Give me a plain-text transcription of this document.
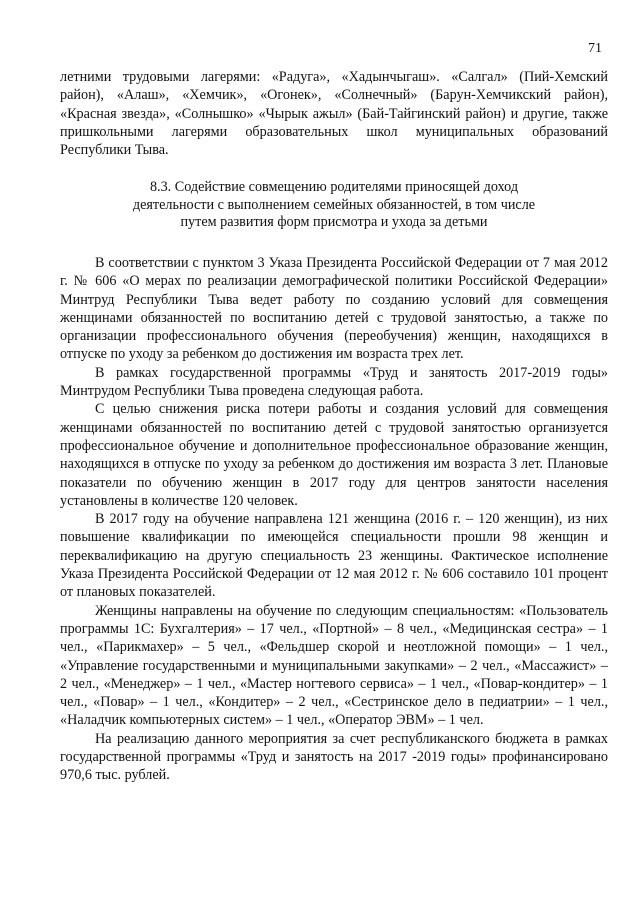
71

летними трудовыми лагерями: «Радуга», «Хадынчыгаш». «Салгал» (Пий-Хемский район), «Алаш», «Хемчик», «Огонек», «Солнечный» (Барун-Хемчикский район), «Красная звезда», «Солнышко» «Чырык ажыл» (Бай-Тайгинский район) и другие, также пришкольными лагерями образовательных школ муниципальных образований Республики Тыва.

8.3. Содействие совмещению родителями приносящей доход
деятельности с выполнением семейных обязанностей, в том числе
путем развития форм присмотра и ухода за детьми

В соответствии с пунктом 3 Указа Президента Российской Федерации от 7 мая 2012 г. № 606 «О мерах по реализации демографической политики Российской Федерации» Минтруд Республики Тыва ведет работу по созданию условий для совмещения женщинами обязанностей по воспитанию детей с трудовой занятостью, а также по организации профессионального обучения (переобучения) женщин, находящихся в отпуске по уходу за ребенком до достижения им возраста трех лет.

В рамках государственной программы «Труд и занятость 2017-2019 годы» Минтрудом Республики Тыва проведена следующая работа.

С целью снижения риска потери работы и создания условий для совмещения женщинами обязанностей по воспитанию детей с трудовой занятостью организуется профессиональное обучение и дополнительное профессиональное образование женщин, находящихся в отпуске по уходу за ребенком до достижения им возраста 3 лет. Плановые показатели по обучению женщин в 2017 году для центров занятости населения установлены в количестве 120 человек.

В 2017 году на обучение направлена 121 женщина (2016 г. – 120 женщин), из них повышение квалификации по имеющейся специальности прошли 98 женщин и переквалификацию на другую специальность 23 женщины. Фактическое исполнение Указа Президента Российской Федерации от 12 мая 2012 г. № 606 составило 101 процент от плановых показателей.

Женщины направлены на обучение по следующим специальностям: «Пользователь программы 1С: Бухгалтерия» – 17 чел., «Портной» – 8 чел., «Медицинская сестра» – 1 чел., «Парикмахер» – 5 чел., «Фельдшер скорой и неотложной помощи» – 1 чел., «Управление государственными и муниципальными закупками» – 2 чел., «Массажист» – 2 чел., «Менеджер» – 1 чел., «Мастер ногтевого сервиса» – 1 чел., «Повар-кондитер» – 1 чел., «Повар» – 1 чел., «Кондитер» – 2 чел., «Сестринское дело в педиатрии» – 1 чел., «Наладчик компьютерных систем» – 1 чел., «Оператор ЭВМ» – 1 чел.

На реализацию данного мероприятия за счет республиканского бюджета в рамках государственной программы «Труд и занятость на 2017 -2019 годы» профинансировано 970,6 тыс. рублей.
